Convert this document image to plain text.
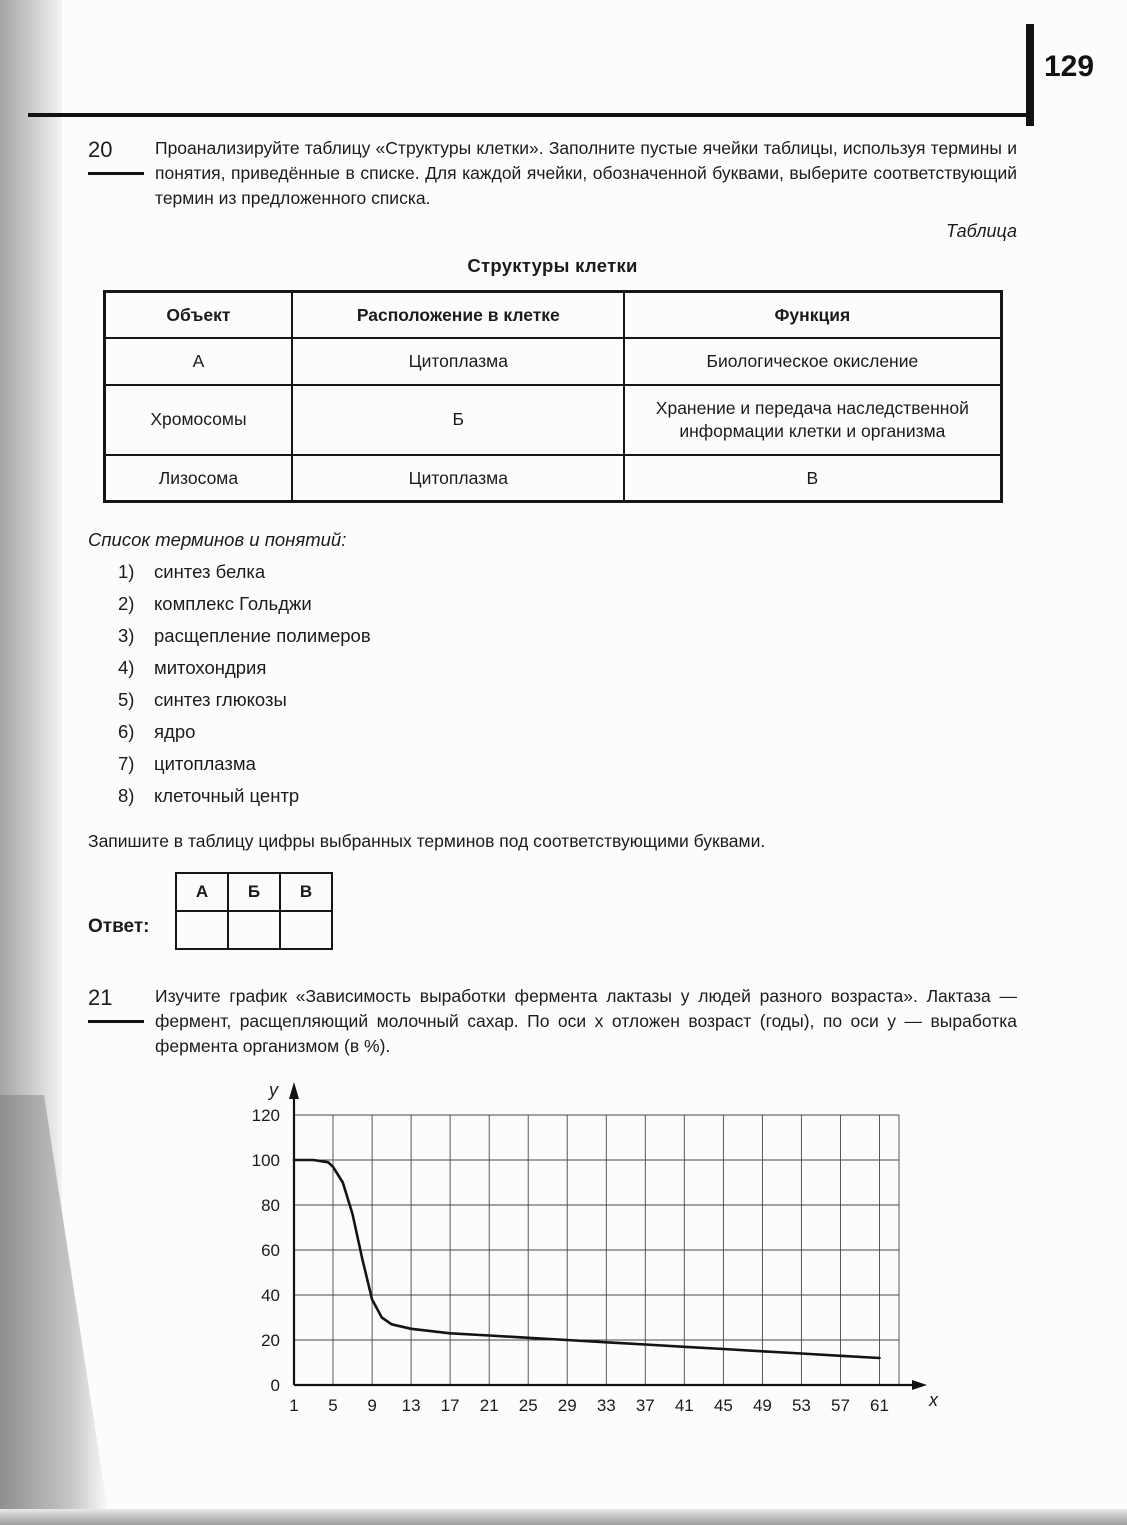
129
20	Проанализируйте таблицу «Структуры клетки». Заполните пустые ячейки таблицы, используя термины и понятия, приведённые в списке. Для каждой ячейки, обозначенной буквами, выберите соответствующий термин из предложенного списка.

Таблица
Структуры клетки
Объект	Расположение в клетке	Функция
А	Цитоплазма	Биологическое окисление
Хромосомы	Б	Хранение и передача наследственной информации клетки и организма
Лизосома	Цитоплазма	В

Список терминов и понятий:

1)	синтез белка
2)	комплекс Гольджи
3)	расщепление полимеров
4)	митохондрия
5)	синтез глюкозы
6)	ядро
7)	цитоплазма
8)	клеточный центр

Запишите в таблицу цифры выбранных терминов под соответствующими буквами.

Ответ:
А	Б	В

21	Изучите график «Зависимость выработки фермента лактазы у людей разного возраста». Лактаза — фермент, расщепляющий молочный сахар. По оси x отложен возраст (годы), по оси y — выработка фермента организмом (в %).

0
20
40
60
80
100
120
1 5 9 13 17 21 25 29 33 37 41 45 49 53 57 61
y
x
